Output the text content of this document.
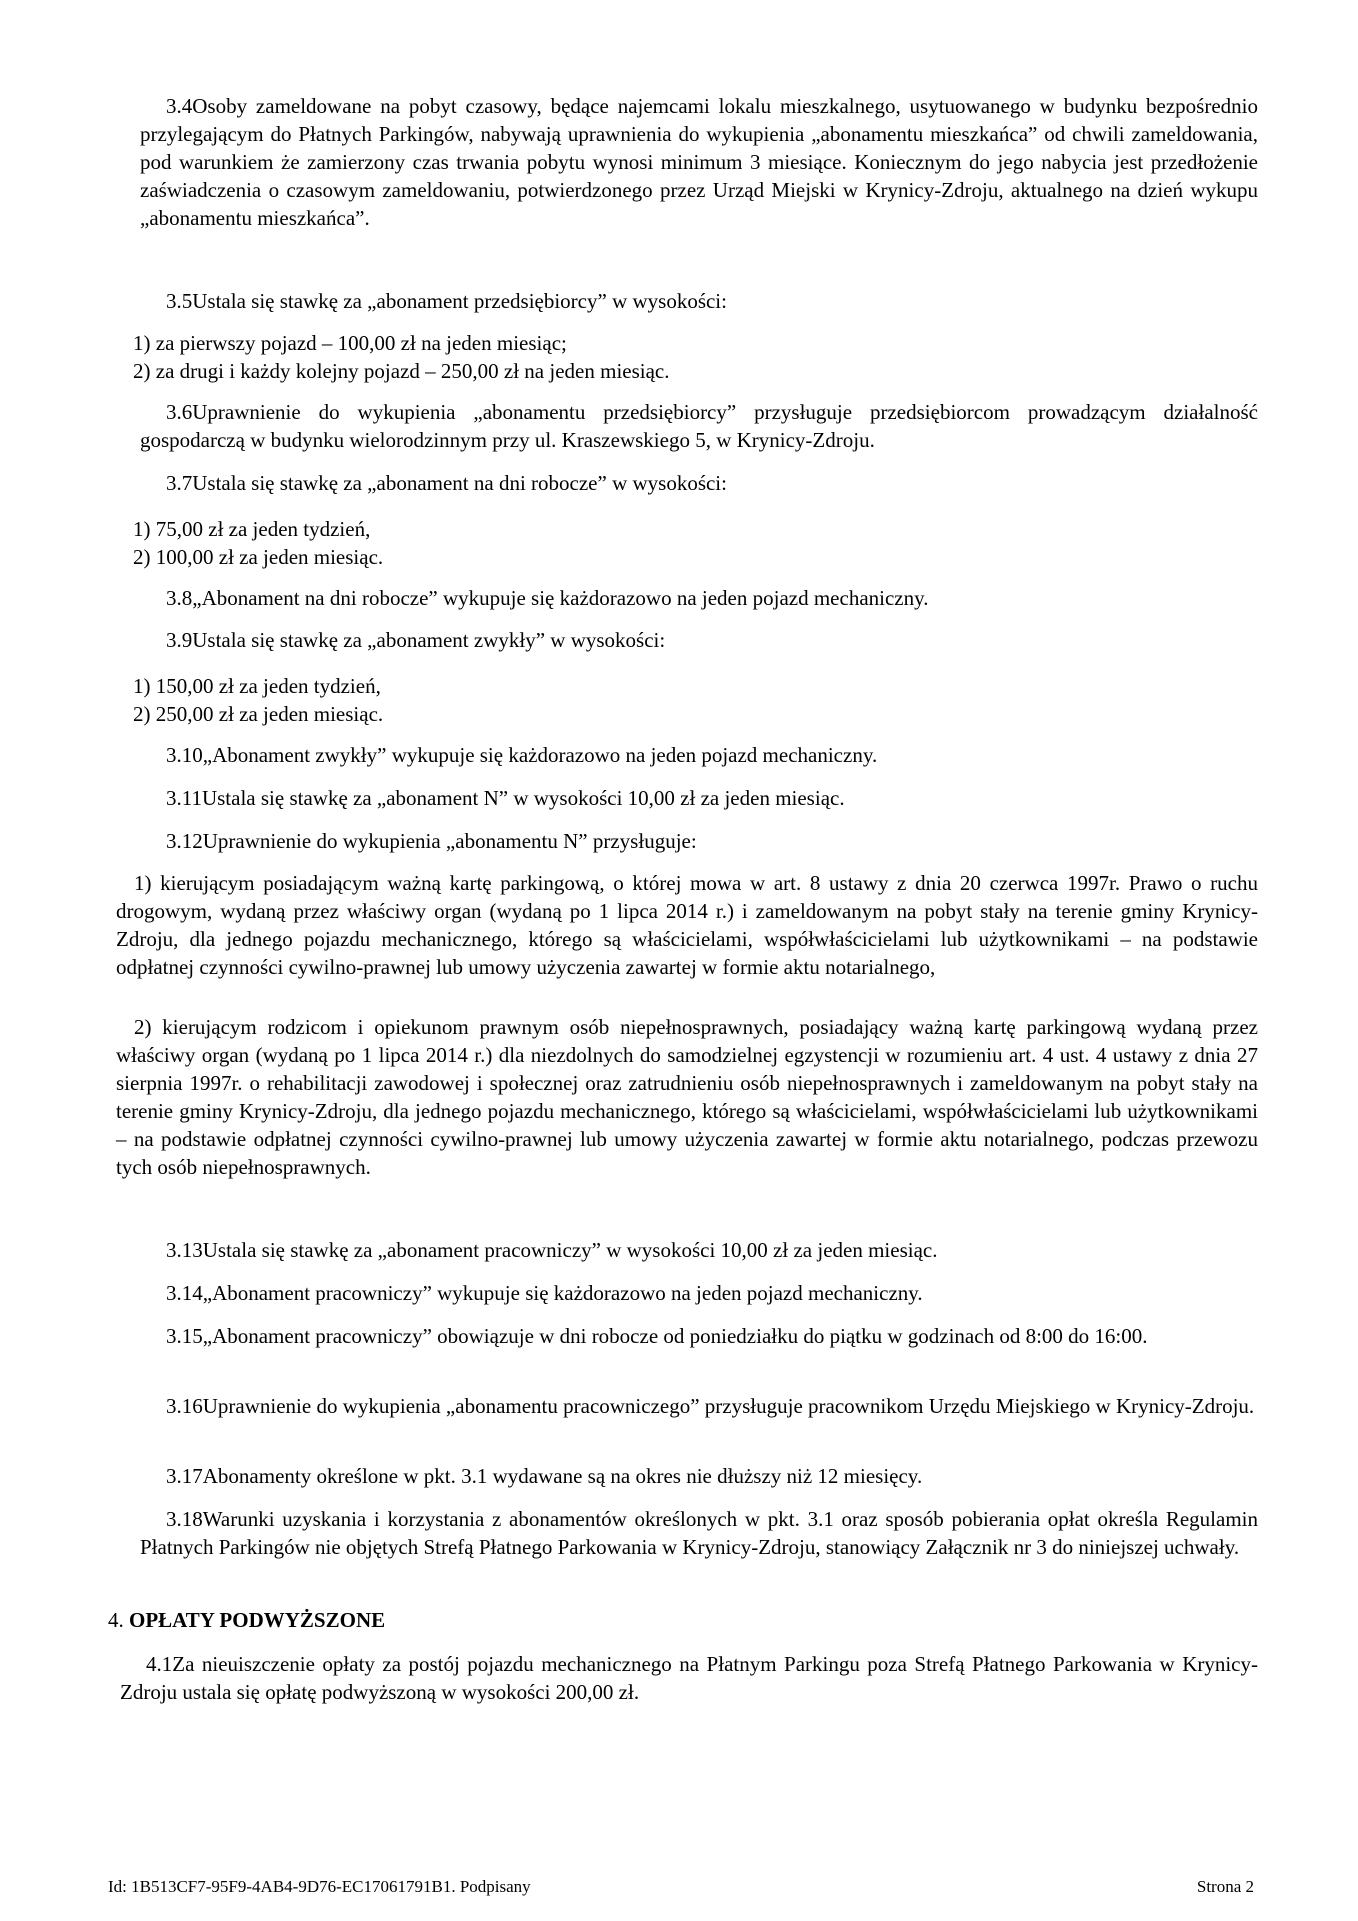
3.4Osoby zameldowane na pobyt czasowy, będące najemcami lokalu mieszkalnego, usytuowanego w budynku bezpośrednio przylegającym do Płatnych Parkingów, nabywają uprawnienia do wykupienia „abonamentu mieszkańca” od chwili zameldowania, pod warunkiem że zamierzony czas trwania pobytu wynosi minimum 3 miesiące. Koniecznym do jego nabycia jest przedłożenie zaświadczenia o czasowym zameldowaniu, potwierdzonego przez Urząd Miejski w Krynicy-Zdroju, aktualnego na dzień wykupu „abonamentu mieszkańca”.

3.5Ustala się stawkę za „abonament przedsiębiorcy” w wysokości:

1) za pierwszy pojazd – 100,00 zł na jeden miesiąc;
2) za drugi i każdy kolejny pojazd – 250,00 zł na jeden miesiąc.

3.6Uprawnienie do wykupienia „abonamentu przedsiębiorcy” przysługuje przedsiębiorcom prowadzącym działalność gospodarczą w budynku wielorodzinnym przy ul. Kraszewskiego 5, w Krynicy-Zdroju.

3.7Ustala się stawkę za „abonament na dni robocze” w wysokości:

1) 75,00 zł za jeden tydzień,
2) 100,00 zł za jeden miesiąc.

3.8„Abonament na dni robocze” wykupuje się każdorazowo na jeden pojazd mechaniczny.

3.9Ustala się stawkę za „abonament zwykły” w wysokości:

1) 150,00 zł za jeden tydzień,
2) 250,00 zł za jeden miesiąc.

3.10„Abonament zwykły” wykupuje się każdorazowo na jeden pojazd mechaniczny.

3.11Ustala się stawkę za „abonament N” w wysokości 10,00 zł za jeden miesiąc.

3.12Uprawnienie do wykupienia „abonamentu N” przysługuje:

1) kierującym posiadającym ważną kartę parkingową, o której mowa w art. 8 ustawy z dnia 20 czerwca 1997r. Prawo o ruchu drogowym, wydaną przez właściwy organ (wydaną po 1 lipca 2014 r.) i zameldowanym na pobyt stały na terenie gminy Krynicy-Zdroju, dla jednego pojazdu mechanicznego, którego są właścicielami, współwłaścicielami lub użytkownikami – na podstawie odpłatnej czynności cywilno-prawnej lub umowy użyczenia zawartej w formie aktu notarialnego,

2) kierującym rodzicom i opiekunom prawnym osób niepełnosprawnych, posiadający ważną kartę parkingową wydaną przez właściwy organ (wydaną po 1 lipca 2014 r.) dla niezdolnych do samodzielnej egzystencji w rozumieniu art. 4 ust. 4 ustawy z dnia 27 sierpnia 1997r. o rehabilitacji zawodowej i społecznej oraz zatrudnieniu osób niepełnosprawnych i zameldowanym na pobyt stały na terenie gminy Krynicy-Zdroju, dla jednego pojazdu mechanicznego, którego są właścicielami, współwłaścicielami lub użytkownikami – na podstawie odpłatnej czynności cywilno-prawnej lub umowy użyczenia zawartej w formie aktu notarialnego, podczas przewozu tych osób niepełnosprawnych.

3.13Ustala się stawkę za „abonament pracowniczy” w wysokości 10,00 zł za jeden miesiąc.

3.14„Abonament pracowniczy” wykupuje się każdorazowo na jeden pojazd mechaniczny.

3.15„Abonament pracowniczy” obowiązuje w dni robocze od poniedziałku do piątku w godzinach od 8:00 do 16:00.

3.16Uprawnienie do wykupienia „abonamentu pracowniczego” przysługuje pracownikom Urzędu Miejskiego w Krynicy-Zdroju.

3.17Abonamenty określone w pkt. 3.1 wydawane są na okres nie dłuższy niż 12 miesięcy.

3.18Warunki uzyskania i korzystania z abonamentów określonych w pkt. 3.1 oraz sposób pobierania opłat określa Regulamin Płatnych Parkingów nie objętych Strefą Płatnego Parkowania w Krynicy-Zdroju, stanowiący Załącznik nr 3 do niniejszej uchwały.

4. OPŁATY PODWYŻSZONE

4.1Za nieuiszczenie opłaty za postój pojazdu mechanicznego na Płatnym Parkingu poza Strefą Płatnego Parkowania w Krynicy-Zdroju ustala się opłatę podwyższoną w wysokości 200,00 zł.

Id: 1B513CF7-95F9-4AB4-9D76-EC17061791B1. Podpisany	Strona 2
